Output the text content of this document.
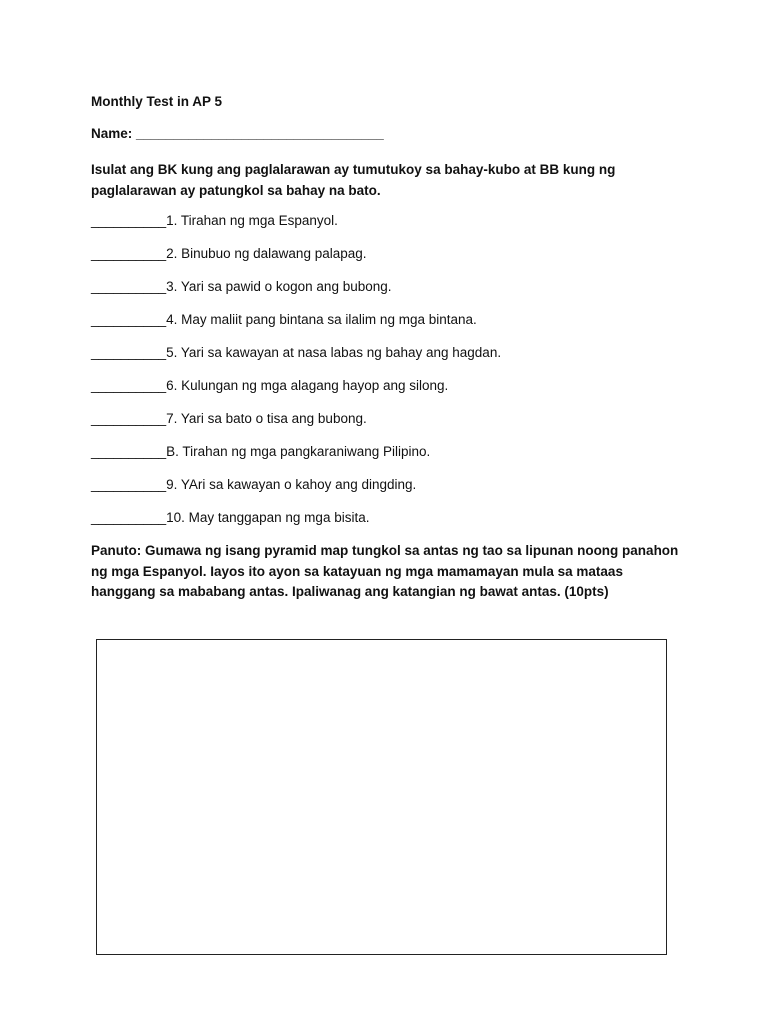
Monthly Test in AP 5
Name: _________________________________
Isulat ang BK kung ang paglalarawan ay tumutukoy sa bahay-kubo at BB kung ng paglalarawan ay patungkol sa bahay na bato.
__________1. Tirahan ng mga Espanyol.
__________2. Binubuo ng dalawang palapag.
__________3. Yari sa pawid o kogon ang bubong.
__________4. May maliit pang bintana sa ilalim ng mga bintana.
__________5. Yari sa kawayan at nasa labas ng bahay ang hagdan.
__________6. Kulungan ng mga alagang hayop ang silong.
__________7. Yari sa bato o tisa ang bubong.
__________B. Tirahan ng mga pangkaraniwang Pilipino.
__________9. YAri sa kawayan o kahoy ang dingding.
__________10. May tanggapan ng mga bisita.
Panuto: Gumawa ng isang pyramid map tungkol sa antas ng tao sa lipunan noong panahon ng mga Espanyol. Iayos ito ayon sa katayuan ng mga mamamayan mula sa mataas hanggang sa mababang antas. Ipaliwanag ang katangian ng bawat antas. (10pts)
